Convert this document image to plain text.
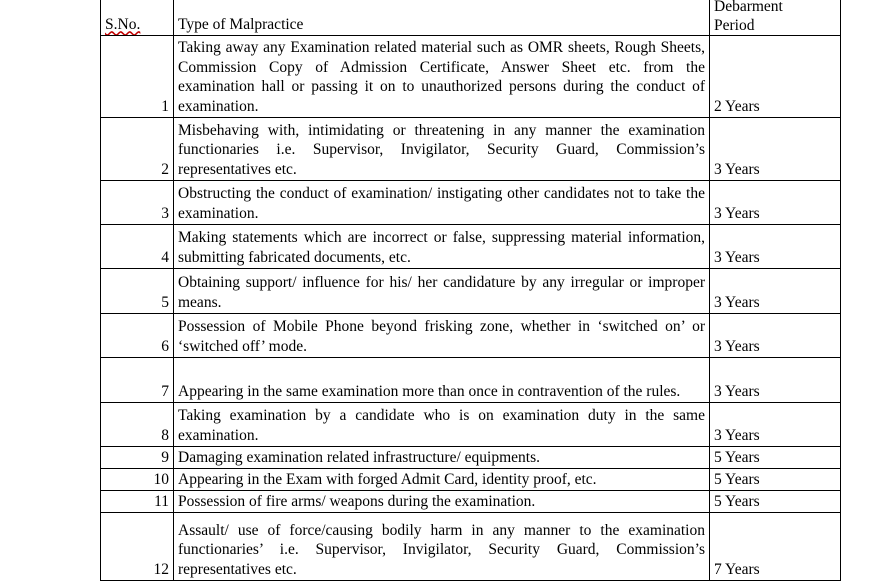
S.No.	Type of Malpractice	Debarment
Period
1	Taking away any Examination related material such as OMR sheets, Rough Sheets, Commission Copy of Admission Certificate, Answer Sheet etc. from the examination hall or passing it on to unauthorized persons during the conduct of examination.	2 Years
2	Misbehaving with, intimidating or threatening in any manner the examination functionaries i.e. Supervisor, Invigilator, Security Guard, Commission’s representatives etc.	3 Years
3	Obstructing the conduct of examination/ instigating other candidates not to take the examination.	3 Years
4	Making statements which are incorrect or false, suppressing material information, submitting fabricated documents, etc.	3 Years
5	Obtaining support/ influence for his/ her candidature by any irregular or improper means.	3 Years
6	Possession of Mobile Phone beyond frisking zone, whether in ‘switched on’ or ‘switched off’ mode.	3 Years
7	Appearing in the same examination more than once in contravention of the rules.	3 Years
8	Taking examination by a candidate who is on examination duty in the same examination.	3 Years
9	Damaging examination related infrastructure/ equipments.	5 Years
10	Appearing in the Exam with forged Admit Card, identity proof, etc.	5 Years
11	Possession of fire arms/ weapons during the examination.	5 Years
12	Assault/ use of force/causing bodily harm in any manner to the examination functionaries’ i.e. Supervisor, Invigilator, Security Guard, Commission’s representatives etc.	7 Years
